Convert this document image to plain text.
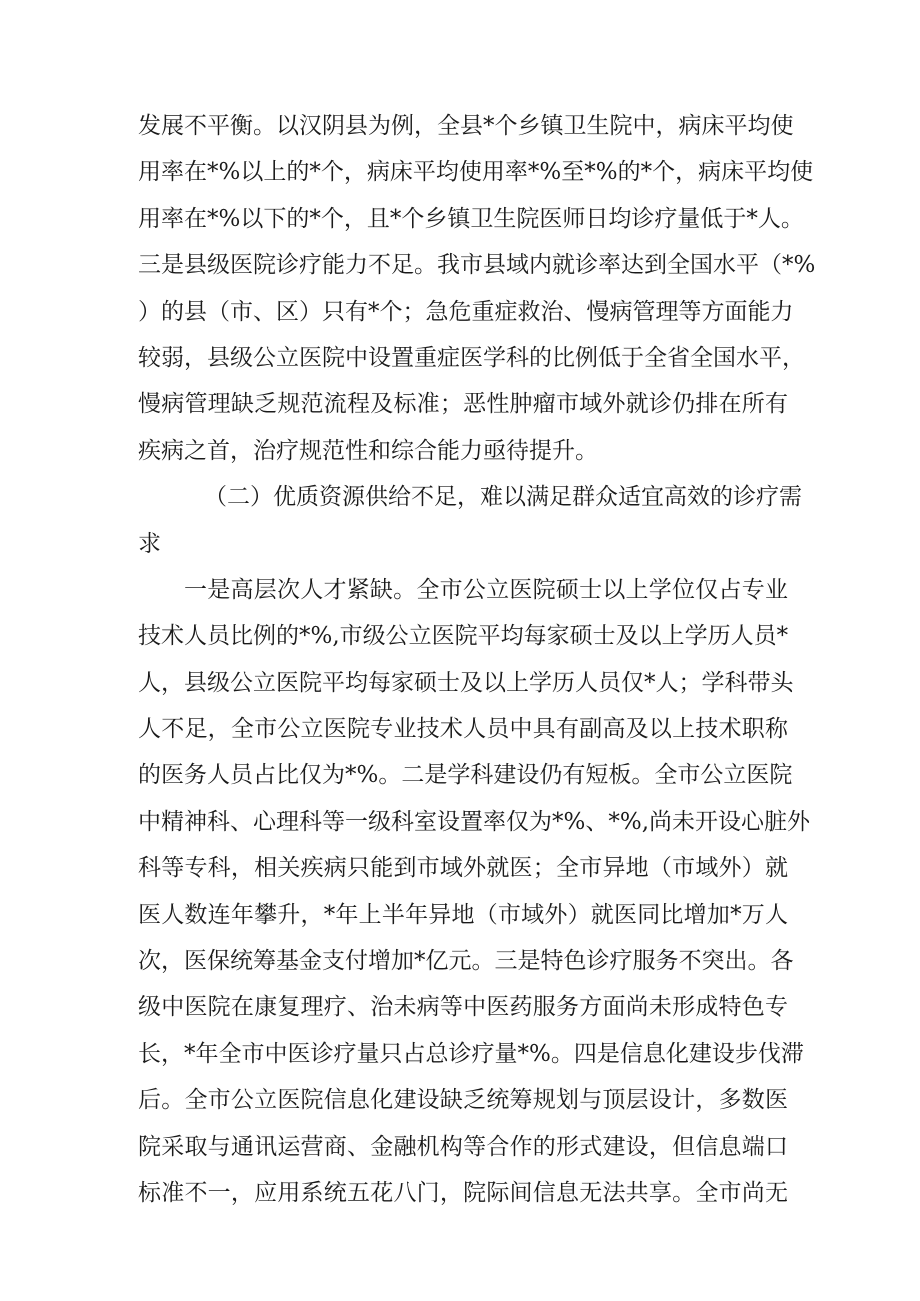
发展不平衡。以汉阴县为例，全县*个乡镇卫生院中，病床平均使
用率在*%以上的*个，病床平均使用率*%至*%的*个，病床平均使
用率在*%以下的*个，且*个乡镇卫生院医师日均诊疗量低于*人。
三是县级医院诊疗能力不足。我市县域内就诊率达到全国水平（*%
）的县（市、区）只有*个；急危重症救治、慢病管理等方面能力
较弱，县级公立医院中设置重症医学科的比例低于全省全国水平，
慢病管理缺乏规范流程及标准；恶性肿瘤市域外就诊仍排在所有
疾病之首，治疗规范性和综合能力亟待提升。
（二）优质资源供给不足，难以满足群众适宜高效的诊疗需
求
一是高层次人才紧缺。全市公立医院硕士以上学位仅占专业
技术人员比例的*%,市级公立医院平均每家硕士及以上学历人员*
人，县级公立医院平均每家硕士及以上学历人员仅*人；学科带头
人不足，全市公立医院专业技术人员中具有副高及以上技术职称
的医务人员占比仅为*%。二是学科建设仍有短板。全市公立医院
中精神科、心理科等一级科室设置率仅为*%、*%,尚未开设心脏外
科等专科，相关疾病只能到市域外就医；全市异地（市域外）就
医人数连年攀升，*年上半年异地（市域外）就医同比增加*万人
次，医保统筹基金支付增加*亿元。三是特色诊疗服务不突出。各
级中医院在康复理疗、治未病等中医药服务方面尚未形成特色专
长，*年全市中医诊疗量只占总诊疗量*%。四是信息化建设步伐滞
后。全市公立医院信息化建设缺乏统筹规划与顶层设计，多数医
院采取与通讯运营商、金融机构等合作的形式建设，但信息端口
标准不一，应用系统五花八门，院际间信息无法共享。全市尚无
